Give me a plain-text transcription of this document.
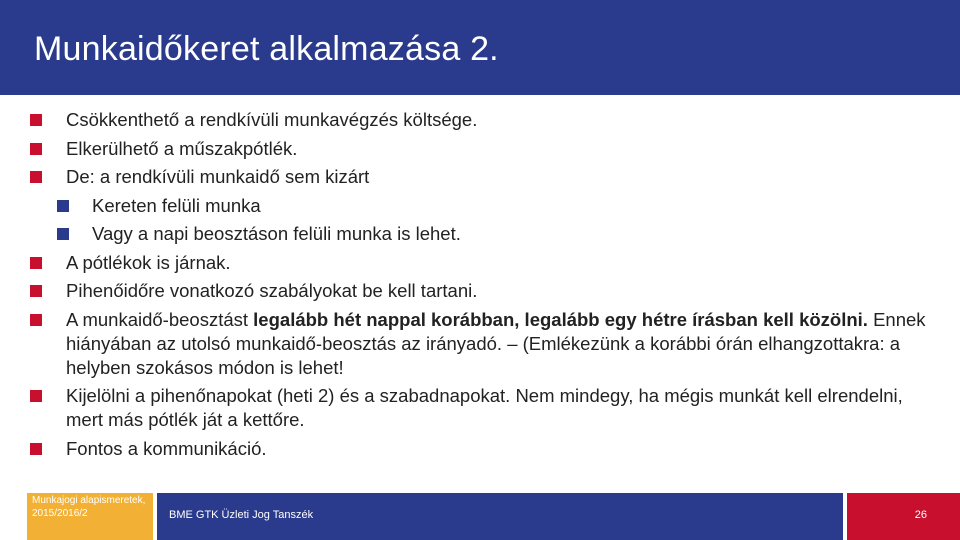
Munkaidőkeret alkalmazása 2.
Csökkenthető a rendkívüli munkavégzés költsége.
Elkerülhető a műszakpótlék.
De: a rendkívüli munkaidő sem kizárt
Kereten felüli munka
Vagy a napi beosztáson felüli munka is lehet.
A pótlékok is járnak.
Pihenőidőre vonatkozó szabályokat be kell tartani.
A munkaidő-beosztást legalább hét nappal korábban, legalább egy hétre írásban kell közölni. Ennek hiányában az utolsó munkaidő-beosztás az irányadó. – (Emlékezünk a korábbi órán elhangzottakra: a helyben szokásos módon is lehet!
Kijelölni a pihenőnapokat (heti 2) és a szabadnapokat. Nem mindegy, ha mégis munkát kell elrendelni, mert más pótlék ját a kettőre.
Fontos a kommunikáció.
Munkajogi alapismeretek, 2015/2016/2	BME GTK Üzleti Jog Tanszék	26
